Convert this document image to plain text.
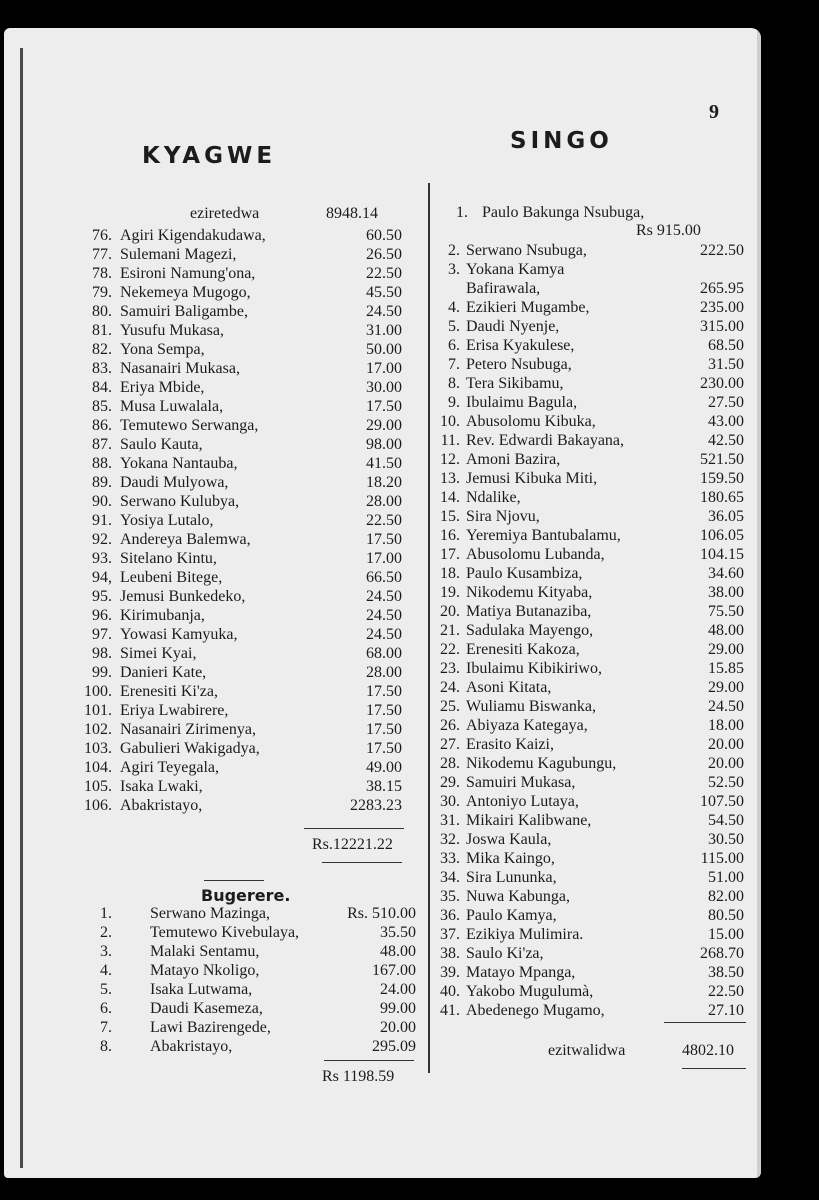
9
KYAGWE
SINGO
eziretedwa	8948.14
76. Agiri Kigendakudawa,	60.50
77. Sulemani Magezi,	26.50
78. Esironi Namung'ona,	22.50
79. Nekemeya Mugogo,	45.50
80. Samuiri Baligambe,	24.50
81. Yusufu Mukasa,	31.00
82. Yona Sempa,	50.00
83. Nasanairi Mukasa,	17.00
84. Eriya Mbide,	30.00
85. Musa Luwalala,	17.50
86. Temutewo Serwanga,	29.00
87. Saulo Kauta,	98.00
88. Yokana Nantauba,	41.50
89. Daudi Mulyowa,	18.20
90. Serwano Kulubya,	28.00
91. Yosiya Lutalo,	22.50
92. Andereya Balemwa,	17.50
93. Sitelano Kintu,	17.00
94, Leubeni Bitege,	66.50
95. Jemusi Bunkedeko,	24.50
96. Kirimubanja,	24.50
97. Yowasi Kamyuka,	24.50
98. Simei Kyai,	68.00
99. Danieri Kate,	28.00
100. Erenesiti Ki'za,	17.50
101. Eriya Lwabirere,	17.50
102. Nasanairi Zirimenya,	17.50
103. Gabulieri Wakigadya,	17.50
104. Agiri Teyegala,	49.00
105. Isaka Lwaki,	38.15
106. Abakristayo,	2283.23
Rs.12221.22
Bugerere.
1. Serwano Mazinga,	Rs. 510.00
2. Temutewo Kivebulaya,	35.50
3. Malaki Sentamu,	48.00
4. Matayo Nkoligo,	167.00
5. Isaka Lutwama,	24.00
6. Daudi Kasemeza,	99.00
7. Lawi Bazirengede,	20.00
8. Abakristayo,	295.09
Rs 1198.59
1. Paulo Bakunga Nsubuga,
Rs 915.00
2. Serwano Nsubuga,	222.50
3. Yokana Kamya
Bafirawala,	265.95
4. Ezikieri Mugambe,	235.00
5. Daudi Nyenje,	315.00
6. Erisa Kyakulese,	68.50
7. Petero Nsubuga,	31.50
8. Tera Sikibamu,	230.00
9. Ibulaimu Bagula,	27.50
10. Abusolomu Kibuka,	43.00
11. Rev. Edwardi Bakayana,	42.50
12. Amoni Bazira,	521.50
13. Jemusi Kibuka Miti,	159.50
14. Ndalike,	180.65
15. Sira Njovu,	36.05
16. Yeremiya Bantubalamu,	106.05
17. Abusolomu Lubanda,	104.15
18. Paulo Kusambiza,	34.60
19. Nikodemu Kityaba,	38.00
20. Matiya Butanaziba,	75.50
21. Sadulaka Mayengo,	48.00
22. Erenesiti Kakoza,	29.00
23. Ibulaimu Kibikiriwo,	15.85
24. Asoni Kitata,	29.00
25. Wuliamu Biswanka,	24.50
26. Abiyaza Kategaya,	18.00
27. Erasito Kaizi,	20.00
28. Nikodemu Kagubungu,	20.00
29. Samuiri Mukasa,	52.50
30. Antoniyo Lutaya,	107.50
31. Mikairi Kalibwane,	54.50
32. Joswa Kaula,	30.50
33. Mika Kaingo,	115.00
34. Sira Lununka,	51.00
35. Nuwa Kabunga,	82.00
36. Paulo Kamya,	80.50
37. Ezikiya Mulimira.	15.00
38. Saulo Ki'za,	268.70
39. Matayo Mpanga,	38.50
40. Yakobo Mugulumà,	22.50
41. Abedenego Mugamo,	27.10
ezitwalidwa	4802.10
